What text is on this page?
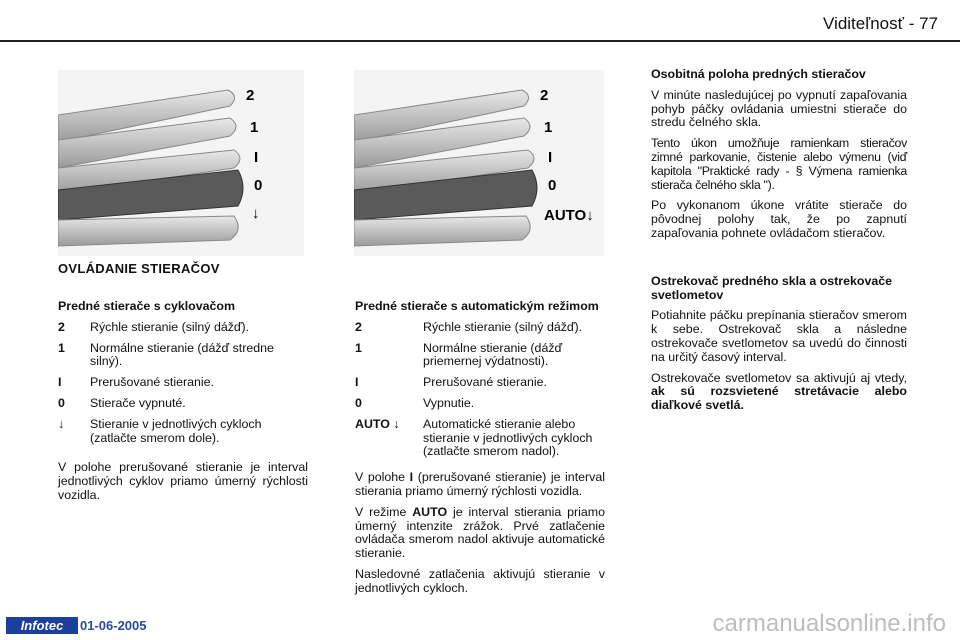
Viditeľnosť - 77
2
1
I
0
↓
2
1
I
0
AUTO↓
OVLÁDANIE STIERAČOV
Predné stierače s cyklovačom
2	Rýchle stieranie (silný dážď).
1	Normálne stieranie (dážď stredne silný).
I	Prerušované stieranie.
0	Stierače vypnuté.
↓	Stieranie v jednotlivých cykloch (zatlačte smerom dole).

V polohe prerušované stieranie je interval jednotlivých cyklov priamo úmerný rýchlosti vozidla.

Predné stierače s automatickým režimom
2	Rýchle stieranie (silný dážď).
1	Normálne stieranie (dážď priemernej výdatnosti).
I	Prerušované stieranie.
0	Vypnutie.
AUTO ↓	Automatické stieranie alebo stieranie v jednotlivých cykloch (zatlačte smerom nadol).

V polohe I (prerušované stieranie) je interval stierania priamo úmerný rýchlosti vozidla.

V režime AUTO je interval stierania priamo úmerný intenzite zrážok. Prvé zatlačenie ovládača smerom nadol aktivuje automatické stieranie.

Nasledovné zatlačenia aktivujú stieranie v jednotlivých cykloch.

Osobitná poloha predných stieračov

V minúte nasledujúcej po vypnutí zapaľovania pohyb páčky ovládania umiestni stierače do stredu čelného skla.

Tento úkon umožňuje ramienkam stieračov zimné parkovanie, čistenie alebo výmenu (viď kapitola "Praktické rady - § Výmena ramienka stierača čelného skla ").

Po vykonanom úkone vrátite stierače do pôvodnej polohy tak, že po zapnutí zapaľovania pohnete ovládačom stieračov.

Ostrekovač predného skla a ostrekovače svetlometov

Potiahnite páčku prepínania stieračov smerom k sebe. Ostrekovač skla a následne ostrekovače svetlometov sa uvedú do činnosti na určitý časový interval.

Ostrekovače svetlometov sa aktivujú aj vtedy, ak sú rozsvietené stretávacie alebo diaľkové svetlá.

Infotec	01-06-2005	carmanualsonline.info
